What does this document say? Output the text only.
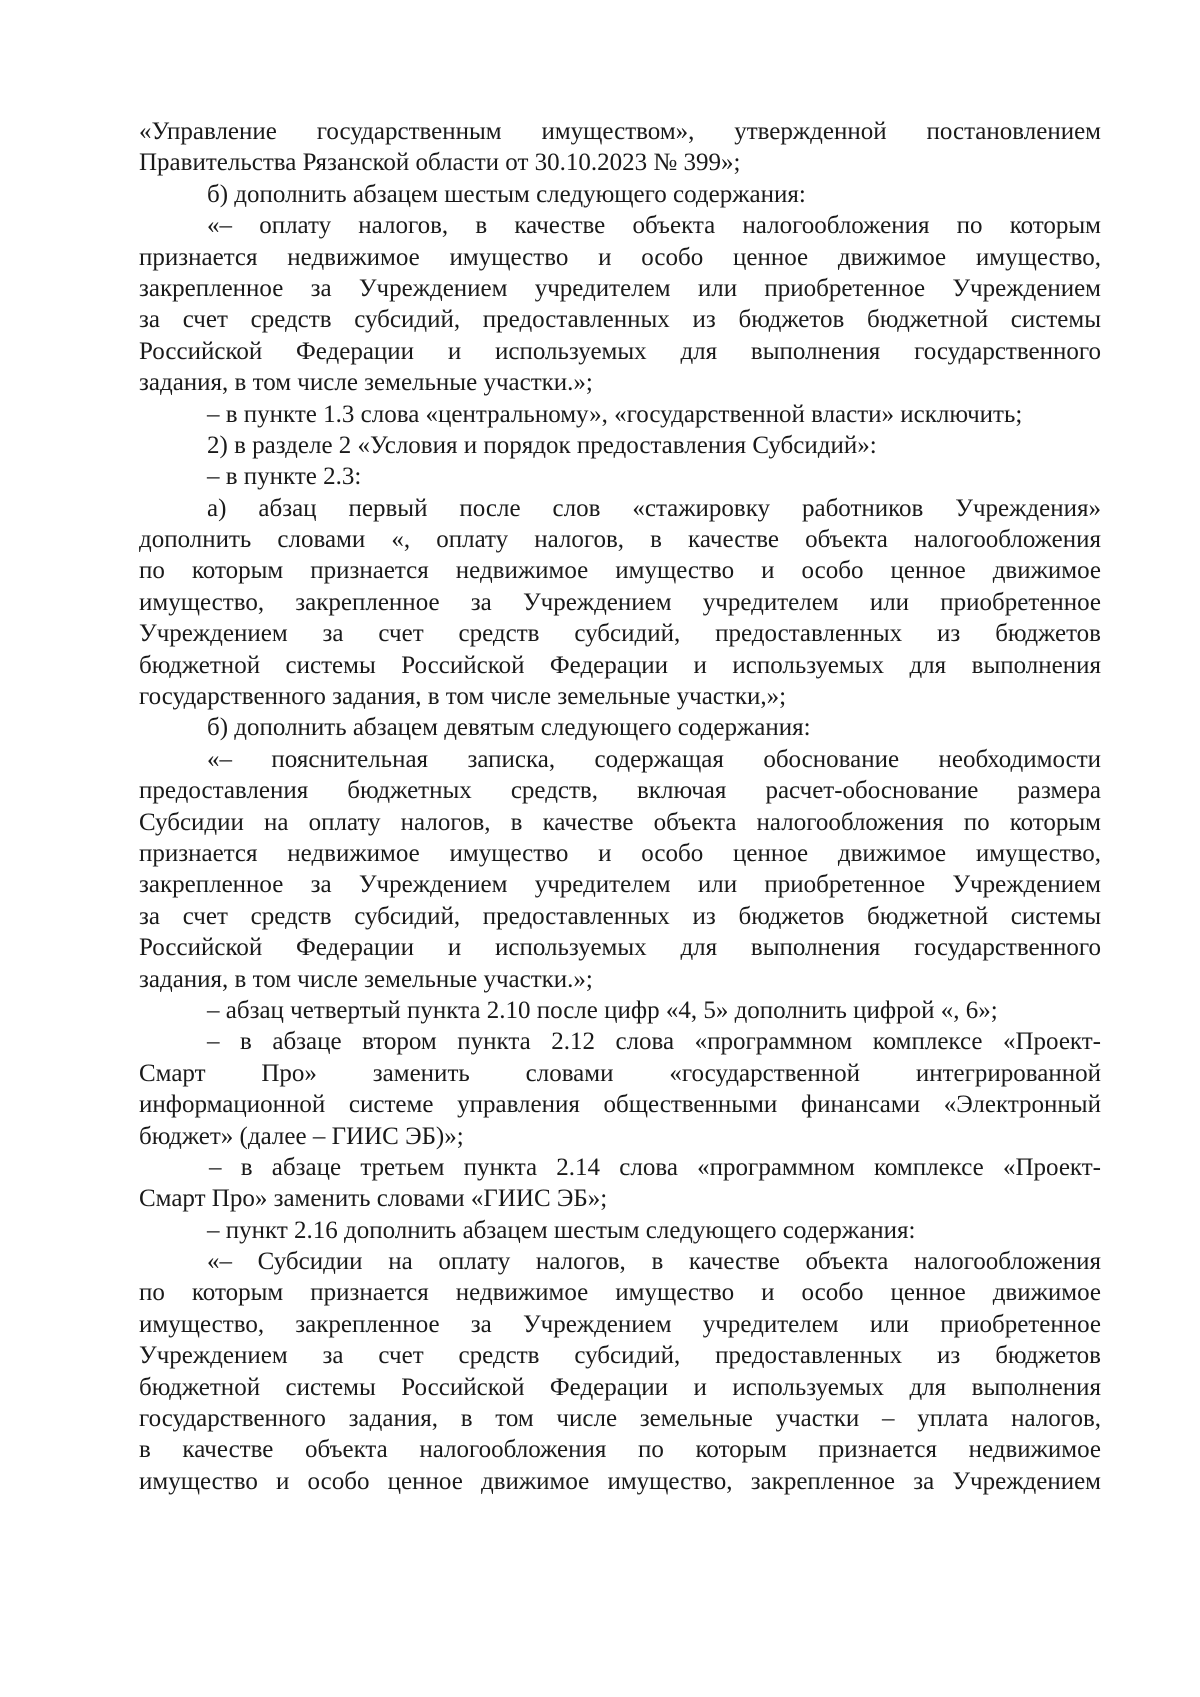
«Управление государственным имуществом», утвержденной постановлением
Правительства Рязанской области от 30.10.2023 № 399»;
б) дополнить абзацем шестым следующего содержания:
«– оплату налогов, в качестве объекта налогообложения по которым
признается недвижимое имущество и особо ценное движимое имущество,
закрепленное за Учреждением учредителем или приобретенное Учреждением
за счет средств субсидий, предоставленных из бюджетов бюджетной системы
Российской Федерации и используемых для выполнения государственного
задания, в том числе земельные участки.»;
– в пункте 1.3 слова «центральному», «государственной власти» исключить;
2) в разделе 2 «Условия и порядок предоставления Субсидий»:
– в пункте 2.3:
а) абзац первый после слов «стажировку работников Учреждения»
дополнить словами «, оплату налогов, в качестве объекта налогообложения
по которым признается недвижимое имущество и особо ценное движимое
имущество, закрепленное за Учреждением учредителем или приобретенное
Учреждением за счет средств субсидий, предоставленных из бюджетов
бюджетной системы Российской Федерации и используемых для выполнения
государственного задания, в том числе земельные участки,»;
б) дополнить абзацем девятым следующего содержания:
«– пояснительная записка, содержащая обоснование необходимости
предоставления бюджетных средств, включая расчет-обоснование размера
Субсидии на оплату налогов, в качестве объекта налогообложения по которым
признается недвижимое имущество и особо ценное движимое имущество,
закрепленное за Учреждением учредителем или приобретенное Учреждением
за счет средств субсидий, предоставленных из бюджетов бюджетной системы
Российской Федерации и используемых для выполнения государственного
задания, в том числе земельные участки.»;
– абзац четвертый пункта 2.10 после цифр «4, 5» дополнить цифрой «, 6»;
– в абзаце втором пункта 2.12 слова «программном комплексе «Проект-
Смарт Про» заменить словами «государственной интегрированной
информационной системе управления общественными финансами «Электронный
бюджет» (далее – ГИИС ЭБ)»;
– в абзаце третьем пункта 2.14 слова «программном комплексе «Проект-
Смарт Про» заменить словами «ГИИС ЭБ»;
– пункт 2.16 дополнить абзацем шестым следующего содержания:
«– Субсидии на оплату налогов, в качестве объекта налогообложения
по которым признается недвижимое имущество и особо ценное движимое
имущество, закрепленное за Учреждением учредителем или приобретенное
Учреждением за счет средств субсидий, предоставленных из бюджетов
бюджетной системы Российской Федерации и используемых для выполнения
государственного задания, в том числе земельные участки – уплата налогов,
в качестве объекта налогообложения по которым признается недвижимое
имущество и особо ценное движимое имущество, закрепленное за Учреждением
